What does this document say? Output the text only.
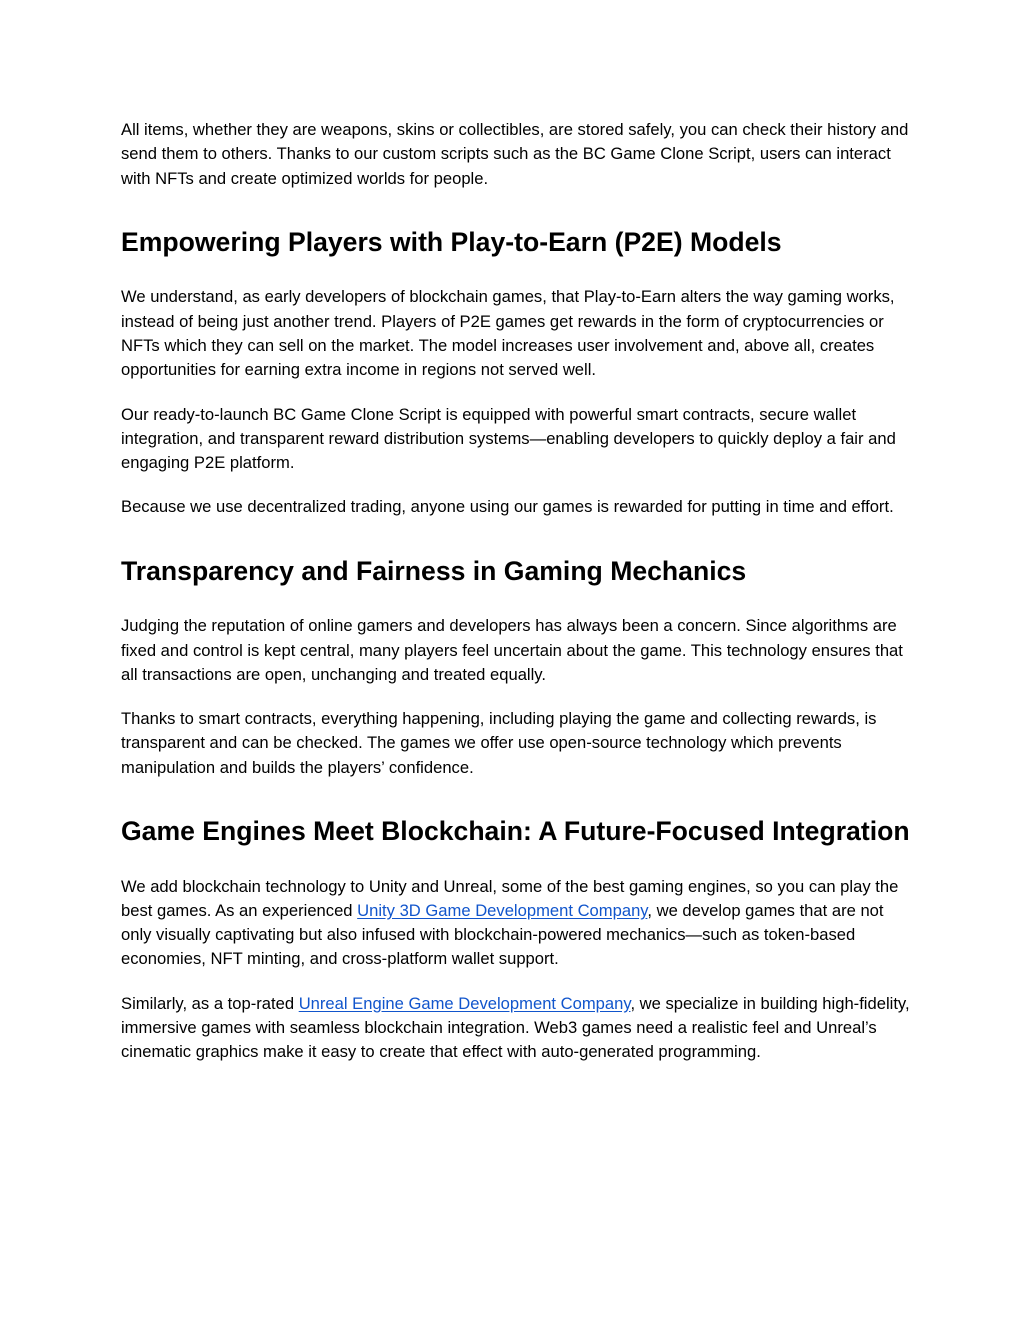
All items, whether they are weapons, skins or collectibles, are stored safely, you can check their history and send them to others. Thanks to our custom scripts such as the BC Game Clone Script, users can interact with NFTs and create optimized worlds for people.

Empowering Players with Play-to-Earn (P2E) Models

We understand, as early developers of blockchain games, that Play-to-Earn alters the way gaming works, instead of being just another trend. Players of P2E games get rewards in the form of cryptocurrencies or NFTs which they can sell on the market. The model increases user involvement and, above all, creates opportunities for earning extra income in regions not served well.

Our ready-to-launch BC Game Clone Script is equipped with powerful smart contracts, secure wallet integration, and transparent reward distribution systems—enabling developers to quickly deploy a fair and engaging P2E platform.

Because we use decentralized trading, anyone using our games is rewarded for putting in time and effort.

Transparency and Fairness in Gaming Mechanics

Judging the reputation of online gamers and developers has always been a concern. Since algorithms are fixed and control is kept central, many players feel uncertain about the game. This technology ensures that all transactions are open, unchanging and treated equally.

Thanks to smart contracts, everything happening, including playing the game and collecting rewards, is transparent and can be checked. The games we offer use open-source technology which prevents manipulation and builds the players’ confidence.

Game Engines Meet Blockchain: A Future-Focused Integration

We add blockchain technology to Unity and Unreal, some of the best gaming engines, so you can play the best games. As an experienced Unity 3D Game Development Company, we develop games that are not only visually captivating but also infused with blockchain-powered mechanics—such as token-based economies, NFT minting, and cross-platform wallet support.

Similarly, as a top-rated Unreal Engine Game Development Company, we specialize in building high-fidelity, immersive games with seamless blockchain integration. Web3 games need a realistic feel and Unreal’s cinematic graphics make it easy to create that effect with auto-generated programming.
